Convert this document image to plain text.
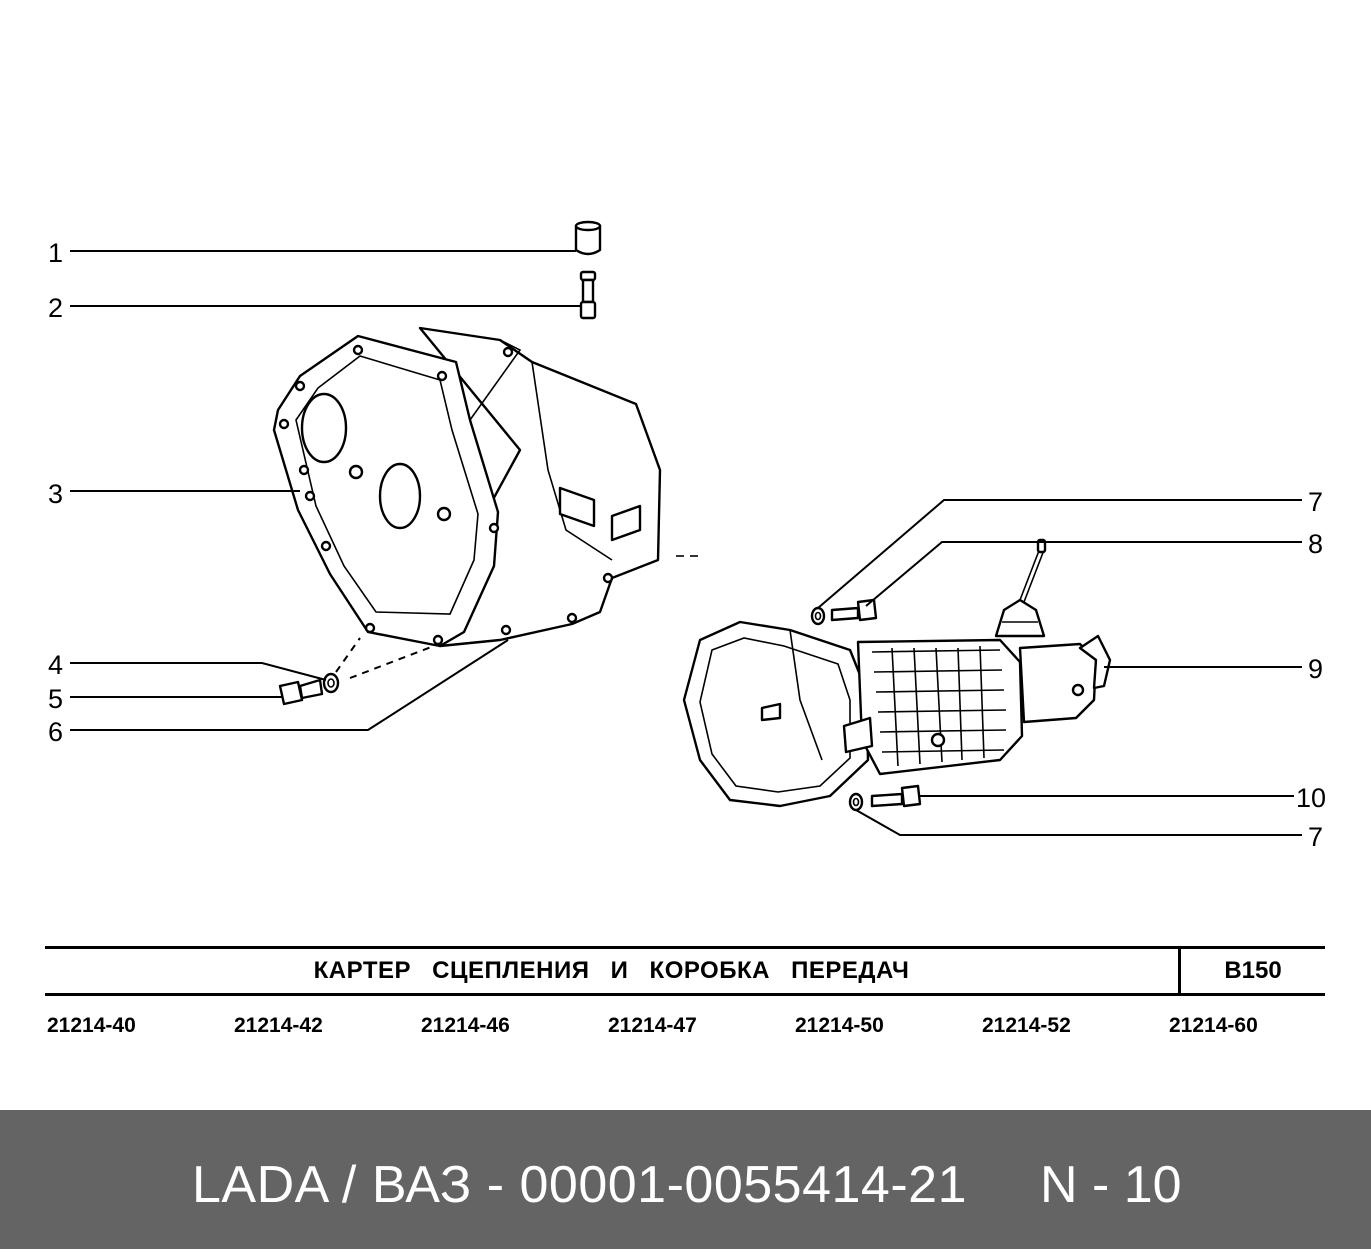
1
2
3
4
5
6
7
8
9
10
7
КАРТЕР СЦЕПЛЕНИЯ И КОРОБКА ПЕРЕДАЧ	B150
21214-40	21214-42	21214-46	21214-47	21214-50	21214-52	21214-60
LADA / ВАЗ - 00001-0055414-21 N - 10
